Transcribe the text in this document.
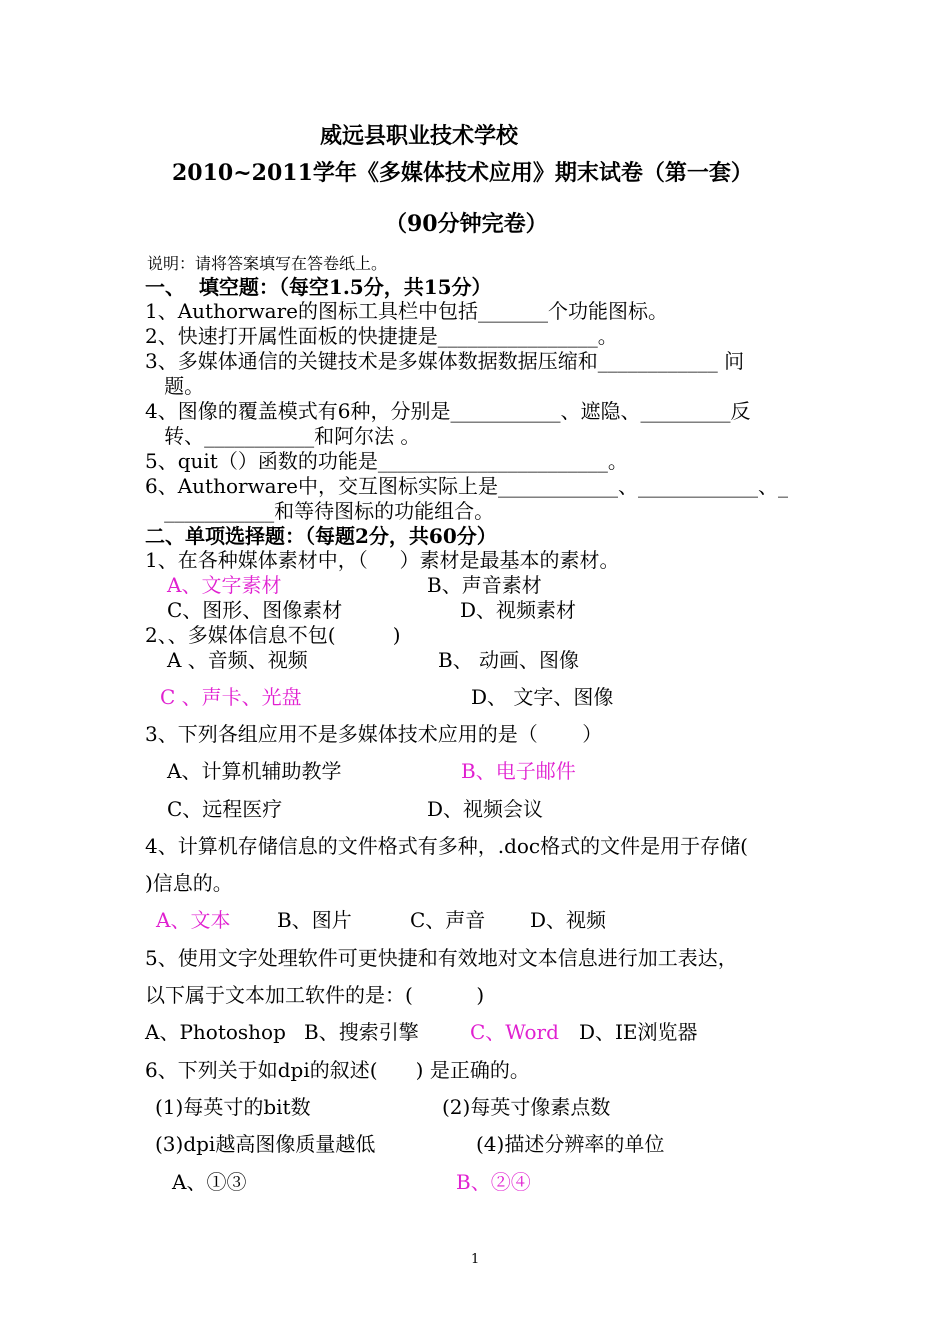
威远县职业技术学校
2010~2011学年《多媒体技术应用》期末试卷（第一套）
（90分钟完卷）
说明：请将答案填写在答卷纸上。
一、  填空题：（每空1.5分，共15分）
1、Authorware的图标工具栏中包括_______个功能图标。
2、快速打开属性面板的快捷捷是________________。
3、多媒体通信的关键技术是多媒体数据数据压缩和____________ 问
题。
4、图像的覆盖模式有6种，分别是___________、遮隐、_________反
转、___________和阿尔法 。
5、quit（）函数的功能是_______________________。
6、Authorware中，交互图标实际上是____________、____________、_
___________和等待图标的功能组合。
二、单项选择题：（每题2分，共60分）
1、在各种媒体素材中，（     ）素材是最基本的素材。
A、文字素材	B、声音素材
C、图形、图像素材	D、视频素材
2、、多媒体信息不包(         )
A 、音频、视频	B、 动画、图像
C 、声卡、光盘	D、 文字、图像
3、下列各组应用不是多媒体技术应用的是（       ）
A、计算机辅助教学	B、电子邮件
C、远程医疗	D、视频会议
4、计算机存储信息的文件格式有多种，.doc格式的文件是用于存储(
)信息的。
A、文本 B、图片	C、声音 D、视频
5、使用文字处理软件可更快捷和有效地对文本信息进行加工表达，
以下属于文本加工软件的是：(          )
A、Photoshop B、搜索引擎	C、Word D、IE浏览器
6、下列关于如dpi的叙述(      ) 是正确的。
(1)每英寸的bit数	(2)每英寸像素点数
(3)dpi越高图像质量越低	(4)描述分辨率的单位
A、①③	B、②④
1
